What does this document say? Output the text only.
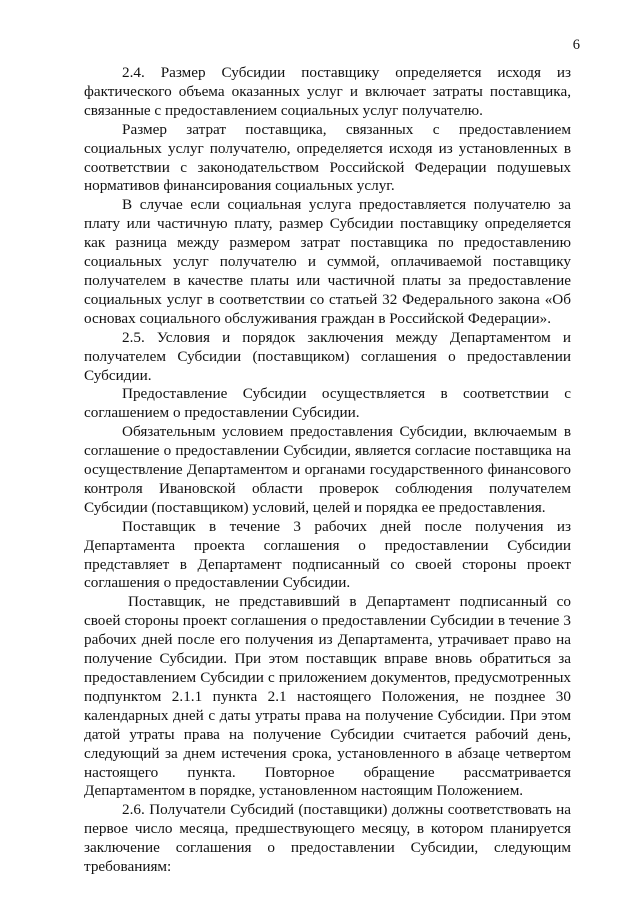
6

2.4. Размер Субсидии поставщику определяется исходя из фактического объема оказанных услуг и включает затраты поставщика, связанные с предоставлением социальных услуг получателю.

Размер затрат поставщика, связанных с предоставлением социальных услуг получателю, определяется исходя из установленных в соответствии с законодательством Российской Федерации подушевых нормативов финансирования социальных услуг.

В случае если социальная услуга предоставляется получателю за плату или частичную плату, размер Субсидии поставщику определяется как разница между размером затрат поставщика по предоставлению социальных услуг получателю и суммой, оплачиваемой поставщику получателем в качестве платы или частичной платы за предоставление социальных услуг в соответствии со статьей 32 Федерального закона «Об основах социального обслуживания граждан в Российской Федерации».

2.5. Условия и порядок заключения между Департаментом и получателем Субсидии (поставщиком) соглашения о предоставлении Субсидии.

Предоставление Субсидии осуществляется в соответствии с соглашением о предоставлении Субсидии.

Обязательным условием предоставления Субсидии, включаемым в соглашение о предоставлении Субсидии, является согласие поставщика на осуществление Департаментом и органами государственного финансового контроля Ивановской области проверок соблюдения получателем Субсидии (поставщиком) условий, целей и порядка ее предоставления.

Поставщик в течение 3 рабочих дней после получения из Департамента проекта соглашения о предоставлении Субсидии представляет в Департамент подписанный со своей стороны проект соглашения о предоставлении Субсидии.

Поставщик, не представивший в Департамент подписанный со своей стороны проект соглашения о предоставлении Субсидии в течение 3 рабочих дней после его получения из Департамента, утрачивает право на получение Субсидии. При этом поставщик вправе вновь обратиться за предоставлением Субсидии с приложением документов, предусмотренных подпунктом 2.1.1 пункта 2.1 настоящего Положения, не позднее 30 календарных дней с даты утраты права на получение Субсидии. При этом датой утраты права на получение Субсидии считается рабочий день, следующий за днем истечения срока, установленного в абзаце четвертом настоящего пункта. Повторное обращение рассматривается Департаментом в порядке, установленном настоящим Положением.

2.6. Получатели Субсидий (поставщики) должны соответствовать на первое число месяца, предшествующего месяцу, в котором планируется заключение соглашения о предоставлении Субсидии, следующим требованиям:
